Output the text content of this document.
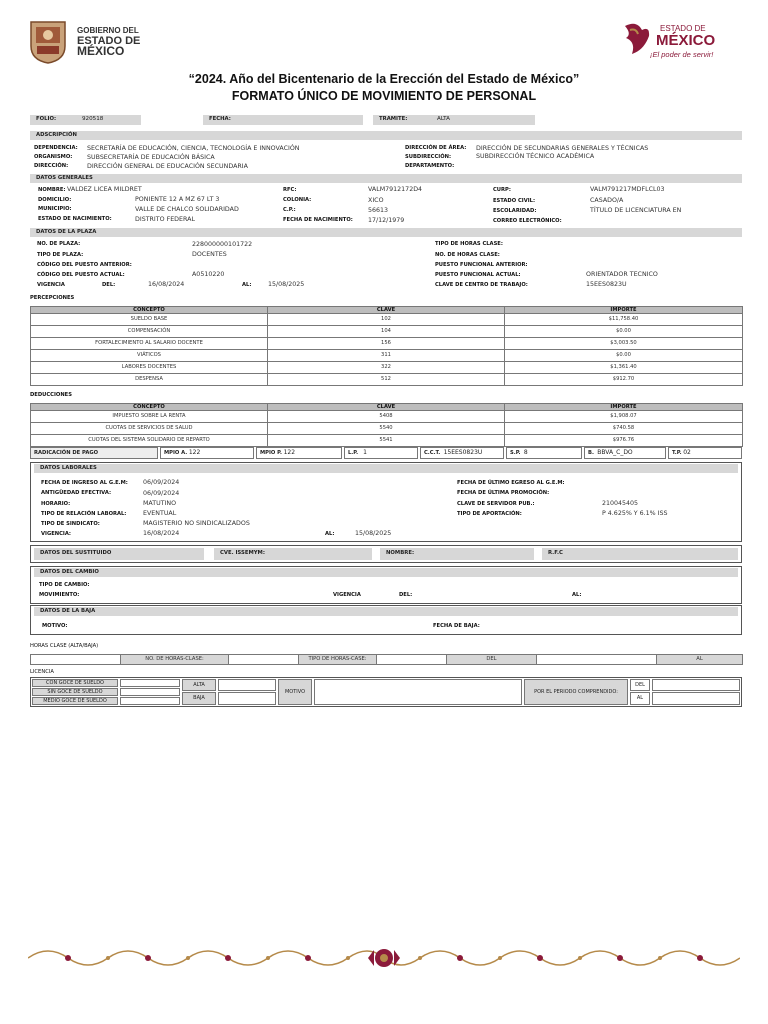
GOBIERNO DEL
ESTADO DE
MÉXICO
ESTADO DE
MÉXICO
¡El poder de servir!
“2024. Año del Bicentenario de la Erección del Estado de México”
FORMATO ÚNICO DE MOVIMIENTO DE PERSONAL
FOLIO:	920518	FECHA:	TRAMITE:	ALTA
ADSCRIPCIÓN
DEPENDENCIA: SECRETARÍA DE EDUCACIÓN, CIENCIA, TECNOLOGÍA E INNOVACIÓN
ORGANISMO: SUBSECRETARÍA DE EDUCACIÓN BÁSICA
DIRECCIÓN:	DIRECCIÓN GENERAL DE EDUCACIÓN SECUNDARIA
DIRECCIÓN DE ÁREA: DIRECCIÓN DE SECUNDARIAS GENERALES Y TÉCNICAS
SUBDIRECCIÓN:	SUBDIRECCIÓN TÉCNICO ACADÉMICA
DEPARTAMENTO:
DATOS GENERALES
NOMBRE: VALDEZ LICEA MILDRET
DOMICILIO:	PONIENTE 12 A MZ 67 LT 3
MUNICIPIO:	VALLE DE CHALCO SOLIDARIDAD
ESTADO DE NACIMIENTO:	DISTRITO FEDERAL
RFC:	VALM7912172D4
COLONIA:	XICO
C.P.:	56613
FECHA DE NACIMIENTO: 17/12/1979
CURP:	VALM791217MDFLCL03
ESTADO CIVIL:	CASADO/A
ESCOLARIDAD:	TÍTULO DE LICENCIATURA EN
CORREO ELECTRÓNICO:
DATOS DE LA PLAZA
NO. DE PLAZA:	228000000101722
TIPO DE PLAZA:	DOCENTES
CÓDIGO DEL PUESTO ANTERIOR:
CÓDIGO DEL PUESTO ACTUAL:	A0510220
VIGENCIA	DEL:	16/08/2024	AL:	15/08/2025
TIPO DE HORAS CLASE:
NO. DE HORAS CLASE:
PUESTO FUNCIONAL ANTERIOR:
PUESTO FUNCIONAL ACTUAL:	ORIENTADOR TECNICO
CLAVE DE CENTRO DE TRABAJO:	15EES0823U
PERCEPCIONES
CONCEPTO	CLAVE	IMPORTE
SUELDO BASE	102	$11,758.40
COMPENSACIÓN	104	$0.00
FORTALECIMIENTO AL SALARIO DOCENTE	156	$3,003.50
VIÁTICOS	311	$0.00
LABORES DOCENTES	322	$1,361.40
DESPENSA	512	$912.70
DEDUCCIONES
CONCEPTO	CLAVE	IMPORTE
IMPUESTO SOBRE LA RENTA	5408	$1,908.07
CUOTAS DE SERVICIOS DE SALUD	5540	$740.58
CUOTAS DEL SISTEMA SOLIDARIO DE REPARTO	5541	$976.76
RADICACIÓN DE PAGO	MPIO A. 122	MPIO P. 122	L.P. 1	C.C.T. 15EES0823U	S.P. 8	B. BBVA_C_DO	T.P. 02
DATOS LABORALES
FECHA DE INGRESO AL G.E.M: 06/09/2024
ANTIGÜEDAD EFECTIVA:	06/09/2024
HORARIO:	MATUTINO
TIPO DE RELACIÓN LABORAL:	EVENTUAL
TIPO DE SINDICATO:	MAGISTERIO NO SINDICALIZADOS
VIGENCIA:	16/08/2024	AL:	15/08/2025
FECHA DE ÚLTIMO EGRESO AL G.E.M:
FECHA DE ÚLTIMA PROMOCIÓN:
CLAVE DE SERVIDOR PUB.:	210045405
TIPO DE APORTACIÓN:	P 4.625% Y 6.1% ISS
DATOS DEL SUSTITUIDO	CVE. ISSEMYM:	NOMBRE:	R.F.C
DATOS DEL CAMBIO
TIPO DE CAMBIO:
MOVIMIENTO:	VIGENCIA	DEL:	AL:
DATOS DE LA BAJA
MOTIVO:	FECHA DE BAJA:
HORAS CLASE (ALTA/BAJA)
	NO. DE HORAS-CLASE:		TIPO DE HORAS-CASE:		DEL		AL
LICENCIA
CON GOCE DE SUELDO
SIN GOCE DE SUELDO
MEDIO GOCE DE SUELDO
ALTA
BAJA
MOTIVO	POR EL PERIODO COMPRENDIDO:
DEL
AL
